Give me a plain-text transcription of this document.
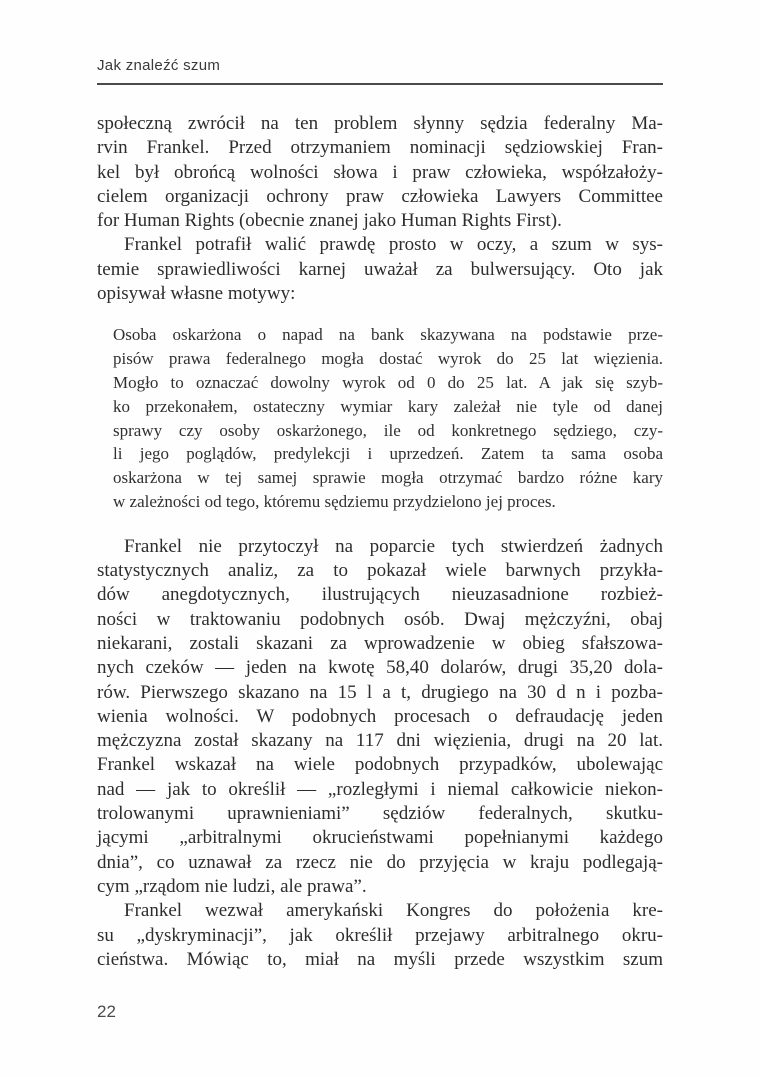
Jak znaleźć szum
społeczną zwrócił na ten problem słynny sędzia federalny Ma-
rvin Frankel. Przed otrzymaniem nominacji sędziowskiej Fran-
kel był obrońcą wolności słowa i praw człowieka, współzałoży-
cielem organizacji ochrony praw człowieka Lawyers Committee
for Human Rights (obecnie znanej jako Human Rights First).
Frankel potrafił walić prawdę prosto w oczy, a szum w sys-
temie sprawiedliwości karnej uważał za bulwersujący. Oto jak
opisywał własne motywy:
Osoba oskarżona o napad na bank skazywana na podstawie prze-
pisów prawa federalnego mogła dostać wyrok do 25 lat więzienia.
Mogło to oznaczać dowolny wyrok od 0 do 25 lat. A jak się szyb-
ko przekonałem, ostateczny wymiar kary zależał nie tyle od danej
sprawy czy osoby oskarżonego, ile od konkretnego sędziego, czy-
li jego poglądów, predylekcji i uprzedzeń. Zatem ta sama osoba
oskarżona w tej samej sprawie mogła otrzymać bardzo różne kary
w zależności od tego, któremu sędziemu przydzielono jej proces.
Frankel nie przytoczył na poparcie tych stwierdzeń żadnych
statystycznych analiz, za to pokazał wiele barwnych przykła-
dów anegdotycznych, ilustrujących nieuzasadnione rozbież-
ności w traktowaniu podobnych osób. Dwaj mężczyźni, obaj
niekarani, zostali skazani za wprowadzenie w obieg sfałszowa-
nych czeków — jeden na kwotę 58,40 dolarów, drugi 35,20 dola-
rów. Pierwszego skazano na 15 l a t, drugiego na 30 d n i pozba-
wienia wolności. W podobnych procesach o defraudację jeden
mężczyzna został skazany na 117 dni więzienia, drugi na 20 lat.
Frankel wskazał na wiele podobnych przypadków, ubolewając
nad — jak to określił — „rozległymi i niemal całkowicie niekon-
trolowanymi uprawnieniami” sędziów federalnych, skutku-
jącymi „arbitralnymi okrucieństwami popełnianymi każdego
dnia”, co uznawał za rzecz nie do przyjęcia w kraju podlegają-
cym „rządom nie ludzi, ale prawa”.
Frankel wezwał amerykański Kongres do położenia kre-
su „dyskryminacji”, jak określił przejawy arbitralnego okru-
cieństwa. Mówiąc to, miał na myśli przede wszystkim szum
22
